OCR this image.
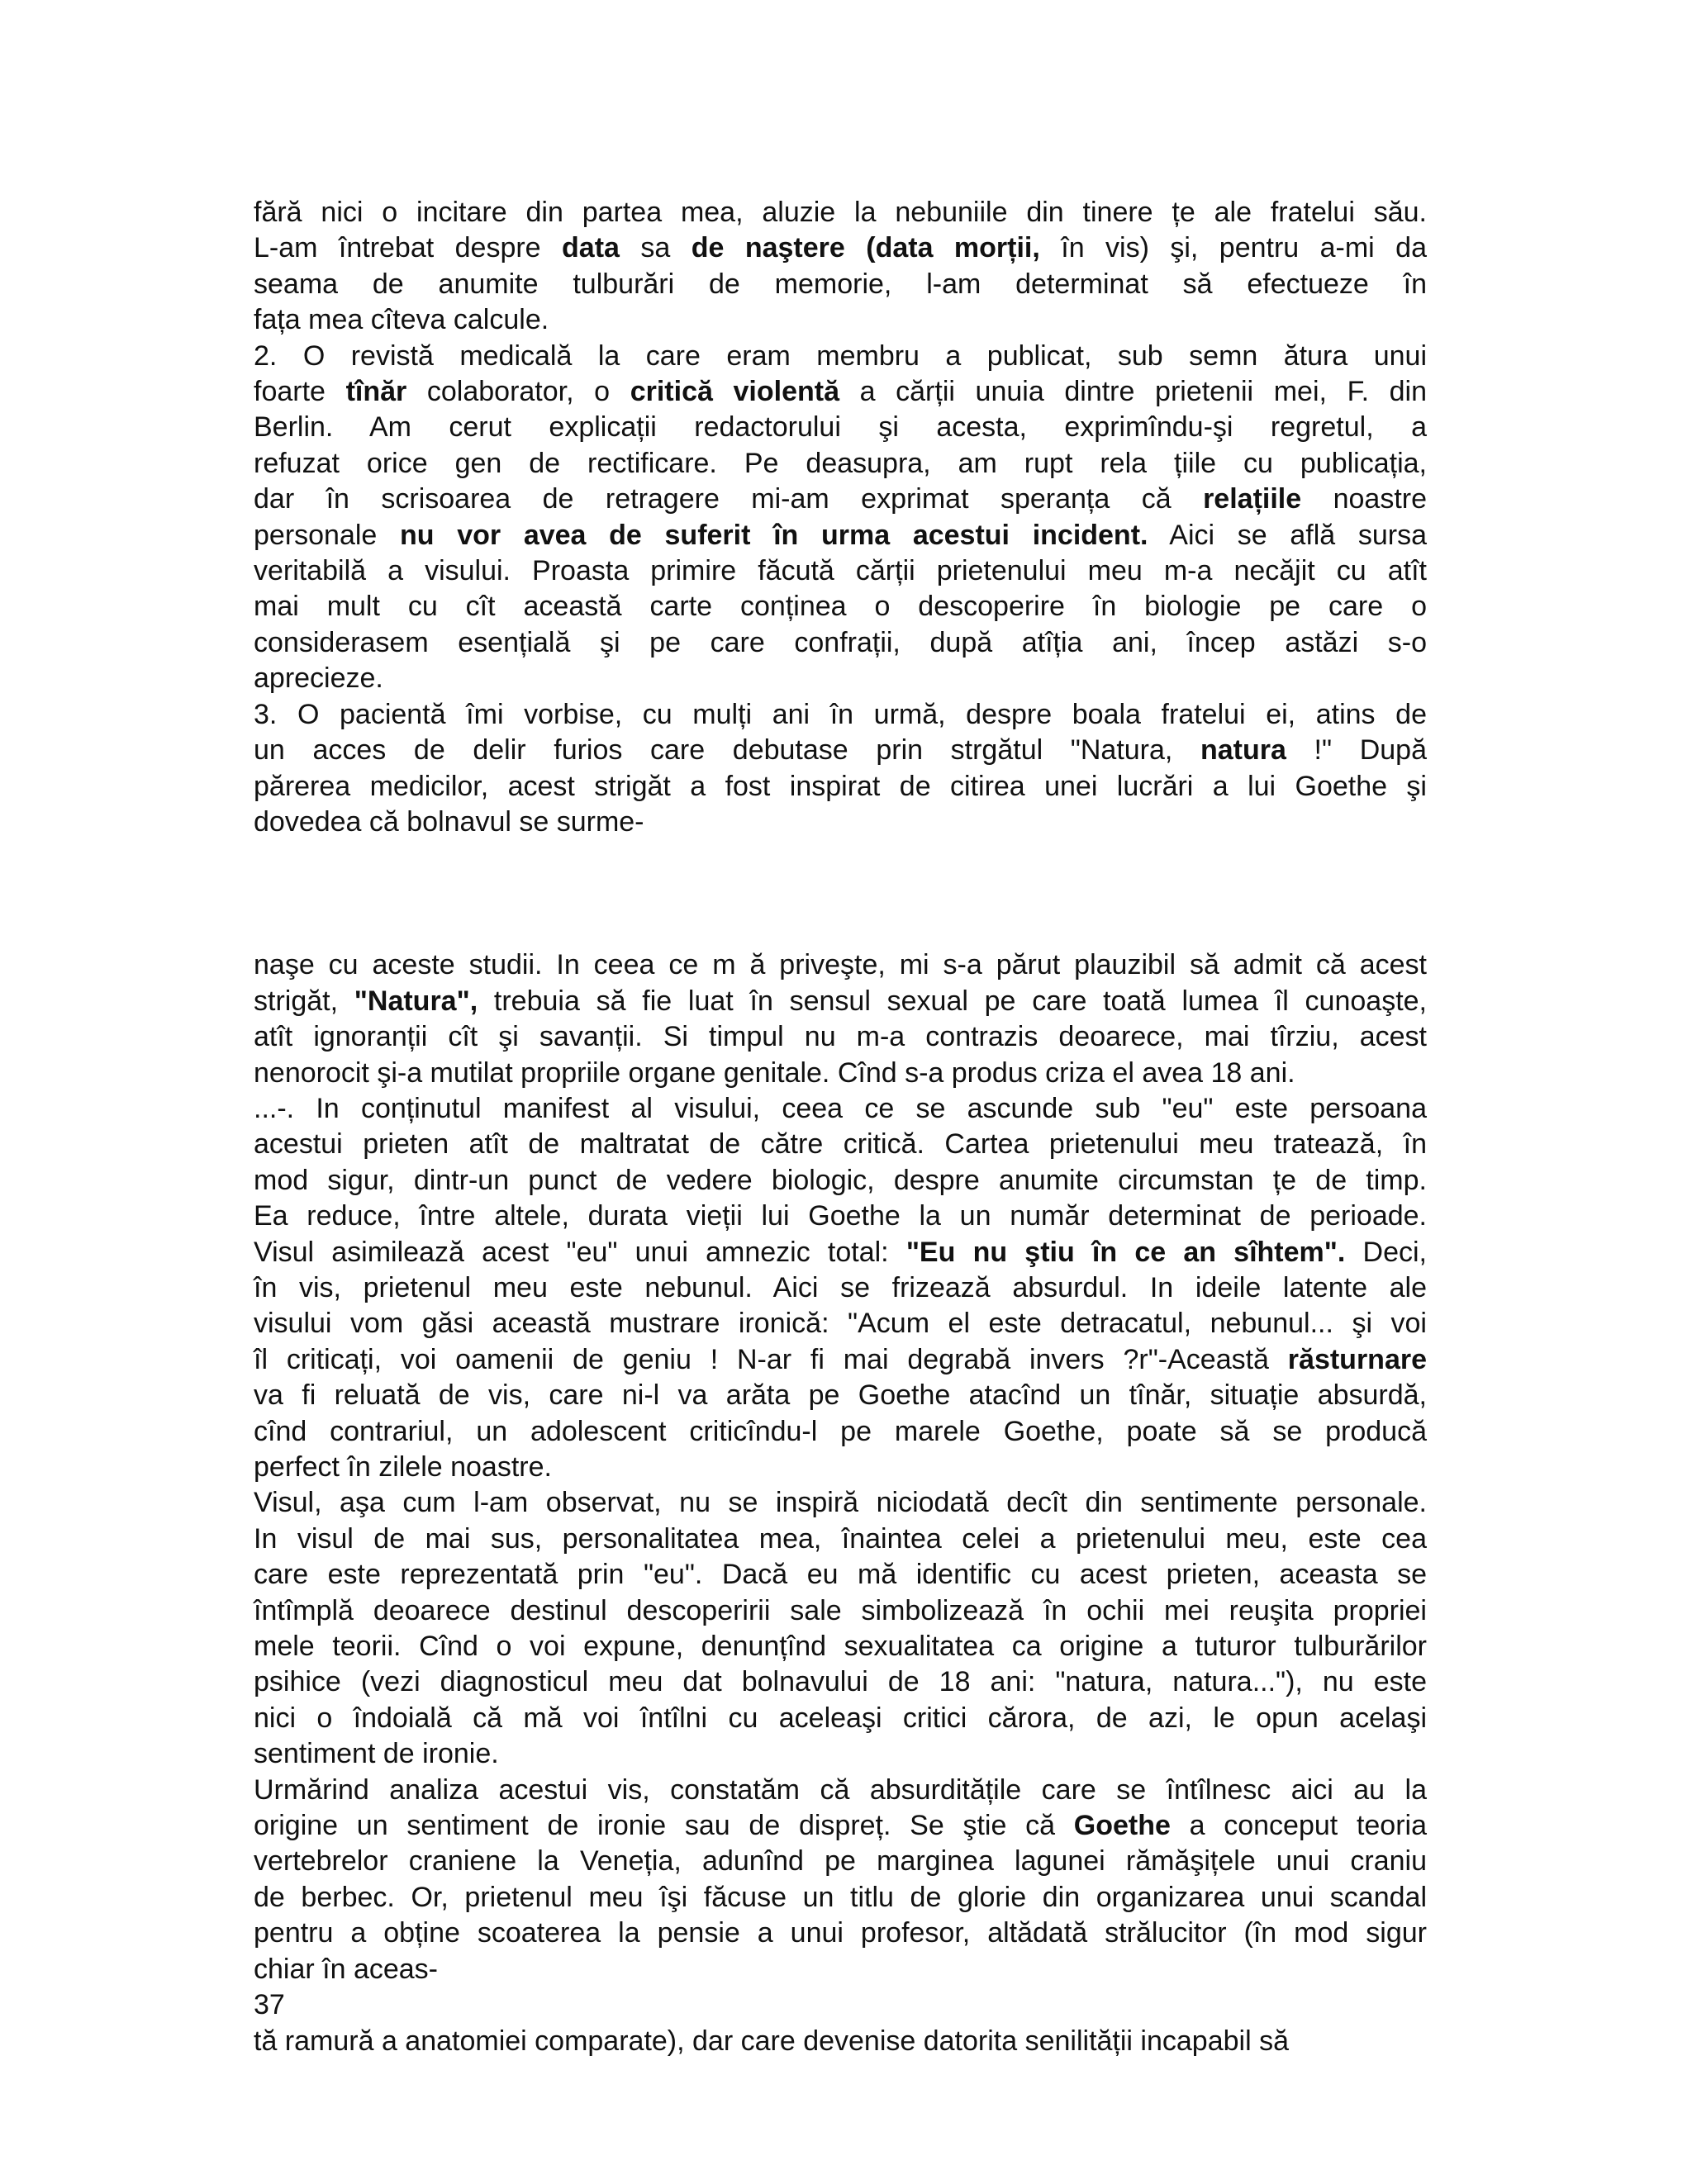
fără nici o incitare din partea mea, aluzie la nebuniile din tinere țe ale fratelui său.
L-am întrebat despre data sa de naştere (data morții, în vis) şi, pentru a-mi da
seama de anumite tulburări de memorie, l-am determinat să efectueze în
fața mea cîteva calcule.
2. O revistă medicală la care eram membru a publicat, sub semn ătura unui
foarte tînăr colaborator, o critică violentă a cărții unuia dintre prietenii mei, F. din
Berlin. Am cerut explicații redactorului şi acesta, exprimîndu-şi regretul, a
refuzat orice gen de rectificare. Pe deasupra, am rupt rela țiile cu publicația,
dar în scrisoarea de retragere mi-am exprimat speranța că relațiile noastre
personale nu vor avea de suferit în urma acestui incident. Aici se află sursa
veritabilă a visului. Proasta primire făcută cărții prietenului meu m-a necăjit cu atît
mai mult cu cît această carte conținea o descoperire în biologie pe care o
considerasem esențială şi pe care confrații, după atîția ani, încep astăzi s-o
aprecieze.
3. O pacientă îmi vorbise, cu mulți ani în urmă, despre boala fratelui ei, atins de
un acces de delir furios care debutase prin strgătul "Natura, natura !" După
părerea medicilor, acest strigăt a fost inspirat de citirea unei lucrări a lui Goethe şi
dovedea că bolnavul se surme-
naşe cu aceste studii. In ceea ce m ă priveşte, mi s-a părut plauzibil să admit că acest
strigăt, "Natura", trebuia să fie luat în sensul sexual pe care toată lumea îl cunoaşte,
atît ignoranții cît şi savanții. Si timpul nu m-a contrazis deoarece, mai tîrziu, acest
nenorocit şi-a mutilat propriile organe genitale. Cînd s-a produs criza el avea 18 ani.
...-. In conținutul manifest al visului, ceea ce se ascunde sub "eu" este persoana
acestui prieten atît de maltratat de către critică. Cartea prietenului meu tratează, în
mod sigur, dintr-un punct de vedere biologic, despre anumite circumstan țe de timp.
Ea reduce, între altele, durata vieții lui Goethe la un număr determinat de perioade.
Visul asimilează acest "eu" unui amnezic total: "Eu nu ştiu în ce an sîhtem". Deci,
în vis, prietenul meu este nebunul. Aici se frizează absurdul. In ideile latente ale
visului vom găsi această mustrare ironică: "Acum el este detracatul, nebunul... şi voi
îl criticați, voi oamenii de geniu ! N-ar fi mai degrabă invers ?r"-Această răsturnare
va fi reluată de vis, care ni-l va arăta pe Goethe atacînd un tînăr, situație absurdă,
cînd contrariul, un adolescent criticîndu-l pe marele Goethe, poate să se producă
perfect în zilele noastre.
Visul, aşa cum l-am observat, nu se inspiră niciodată decît din sentimente personale.
In visul de mai sus, personalitatea mea, înaintea celei a prietenului meu, este cea
care este reprezentată prin "eu". Dacă eu mă identific cu acest prieten, aceasta se
întîmplă deoarece destinul descoperirii sale simbolizează în ochii mei reuşita propriei
mele teorii. Cînd o voi expune, denunțînd sexualitatea ca origine a tuturor tulburărilor
psihice (vezi diagnosticul meu dat bolnavului de 18 ani: "natura, natura..."), nu este
nici o îndoială că mă voi întîlni cu aceleaşi critici cărora, de azi, le opun acelaşi
sentiment de ironie.
Urmărind analiza acestui vis, constatăm că absurditățile care se întîlnesc aici au la
origine un sentiment de ironie sau de dispreț. Se ştie că Goethe a conceput teoria
vertebrelor craniene la Veneția, adunînd pe marginea lagunei rămăşițele unui craniu
de berbec. Or, prietenul meu îşi făcuse un titlu de glorie din organizarea unui scandal
pentru a obține scoaterea la pensie a unui profesor, altădată strălucitor (în mod sigur
chiar în aceas-
37
tă ramură a anatomiei comparate), dar care devenise datorita senilității incapabil să
